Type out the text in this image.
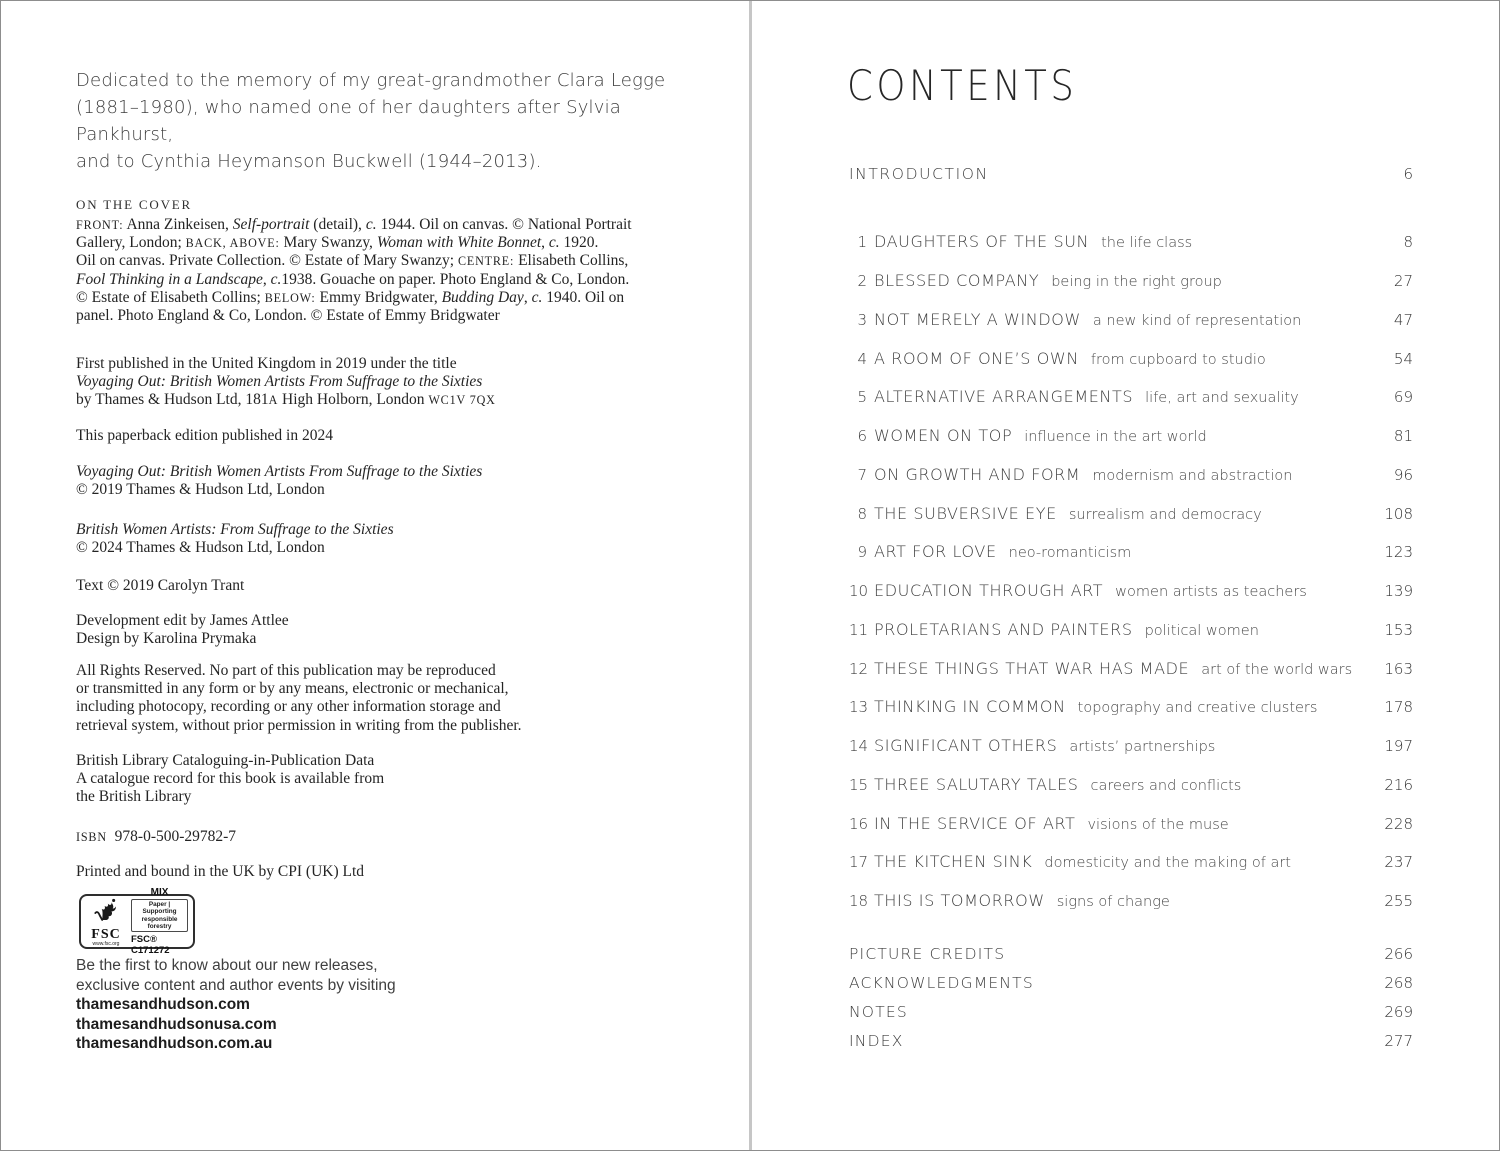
Dedicated to the memory of my great-grandmother Clara Legge
(1881–1980), who named one of her daughters after Sylvia Pankhurst,
and to Cynthia Heymanson Buckwell (1944–2013).
ON THE COVER
FRONT: Anna Zinkeisen, Self-portrait (detail), c. 1944. Oil on canvas. © National Portrait
Gallery, London; BACK, ABOVE: Mary Swanzy, Woman with White Bonnet, c. 1920.
Oil on canvas. Private Collection. © Estate of Mary Swanzy; CENTRE: Elisabeth Collins,
Fool Thinking in a Landscape, c.1938. Gouache on paper. Photo England & Co, London.
© Estate of Elisabeth Collins; BELOW: Emmy Bridgwater, Budding Day, c. 1940. Oil on
panel. Photo England & Co, London. © Estate of Emmy Bridgwater
First published in the United Kingdom in 2019 under the title
Voyaging Out: British Women Artists From Suffrage to the Sixties
by Thames & Hudson Ltd, 181A High Holborn, London WC1V 7QX
This paperback edition published in 2024
Voyaging Out: British Women Artists From Suffrage to the Sixties
© 2019 Thames & Hudson Ltd, London
British Women Artists: From Suffrage to the Sixties
© 2024 Thames & Hudson Ltd, London
Text © 2019 Carolyn Trant
Development edit by James Attlee
Design by Karolina Prymaka
All Rights Reserved. No part of this publication may be reproduced
or transmitted in any form or by any means, electronic or mechanical,
including photocopy, recording or any other information storage and
retrieval system, without prior permission in writing from the publisher.
British Library Cataloguing-in-Publication Data
A catalogue record for this book is available from
the British Library
ISBN  978-0-500-29782-7
Printed and bound in the UK by CPI (UK) Ltd
FSC
www.fsc.org
MIX
Paper | Supporting
responsible forestry
FSC® C171272
Be the first to know about our new releases,
exclusive content and author events by visiting
thamesandhudson.com
thamesandhudsonusa.com
thamesandhudson.com.au
CONTENTS
INTRODUCTION	6
1 DAUGHTERS OF THE SUN the life class	8
2 BLESSED COMPANY being in the right group	27
3 NOT MERELY A WINDOW a new kind of representation	47
4 A ROOM OF ONE’S OWN from cupboard to studio	54
5 ALTERNATIVE ARRANGEMENTS life, art and sexuality	69
6 WOMEN ON TOP influence in the art world	81
7 ON GROWTH AND FORM modernism and abstraction	96
8 THE SUBVERSIVE EYE surrealism and democracy	108
9 ART FOR LOVE neo-romanticism	123
10 EDUCATION THROUGH ART women artists as teachers	139
11 PROLETARIANS AND PAINTERS political women	153
12 THESE THINGS THAT WAR HAS MADE art of the world wars	163
13 THINKING IN COMMON topography and creative clusters	178
14 SIGNIFICANT OTHERS artists’ partnerships	197
15 THREE SALUTARY TALES careers and conflicts	216
16 IN THE SERVICE OF ART visions of the muse	228
17 THE KITCHEN SINK domesticity and the making of art	237
18 THIS IS TOMORROW signs of change	255
PICTURE CREDITS	266
ACKNOWLEDGMENTS	268
NOTES	269
INDEX	277
